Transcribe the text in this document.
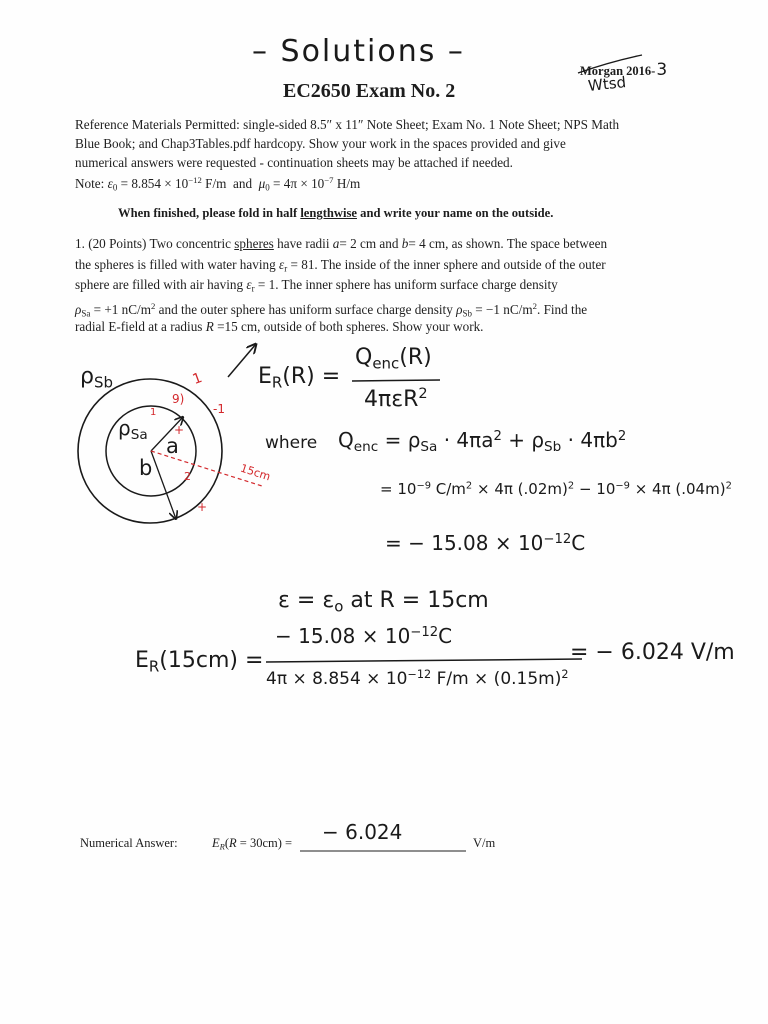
– Solutions –
EC2650 Exam No. 2
Morgan 2016-3
Wtsd
Reference Materials Permitted: single-sided 8.5″ x 11″ Note Sheet; Exam No. 1 Note Sheet; NPS Math
Blue Book; and Chap3Tables.pdf hardcopy. Show your work in the spaces provided and give
numerical answers were requested - continuation sheets may be attached if needed.
Note: $\varepsilon_0 = 8.854 \times 10^{-12}$ F/m and $\mu_0 = 4\pi \times 10^{-7}$ H/m
When finished, please fold in half lengthwise and write your name on the outside.
1. (20 Points) Two concentric spheres have radii a= 2 cm and b= 4 cm, as shown. The space between
the spheres is filled with water having $\varepsilon_r = 81$. The inside of the inner sphere and outside of the outer
sphere are filled with air having $\varepsilon_r = 1$. The inner sphere has uniform surface charge density
$\rho_{Sa} = +1$ $nC/m^2$ and the outer sphere has uniform surface charge density $\rho_{Sb} = -1$ $nC/m^2$. Find the
radial E-field at a radius R =15 cm, outside of both spheres. Show your work.
$\rho_{Sb}$
$\rho_{Sa}$ a
b
1
9)
-1
1
+
2
+
15cm
$E_R(R)$ =
$Q_{enc}(R)$
4πεR$^2$
where $Q_{enc} = \rho_{Sa} \cdot 4\pi a^2 + \rho_{Sb} \cdot 4\pi b^2$
= $10^{-9}$ $C/m^2 \times 4\pi$ $(.02m)^2 - 10^{-9} \times 4\pi$ $(.04m)^2$
= − $15.08 \times 10^{-12}C$
$\varepsilon = \varepsilon_o$ at R = 15cm
$E_R(15cm)$ =
− $15.08 \times 10^{-12}C$
$4\pi \times 8.854 \times 10^{-12}$ $F/m \times (0.15m)^2$
= − 6.024 V/m
Numerical Answer:	$E_R(R = 30cm)$ = − 6.024	V/m
